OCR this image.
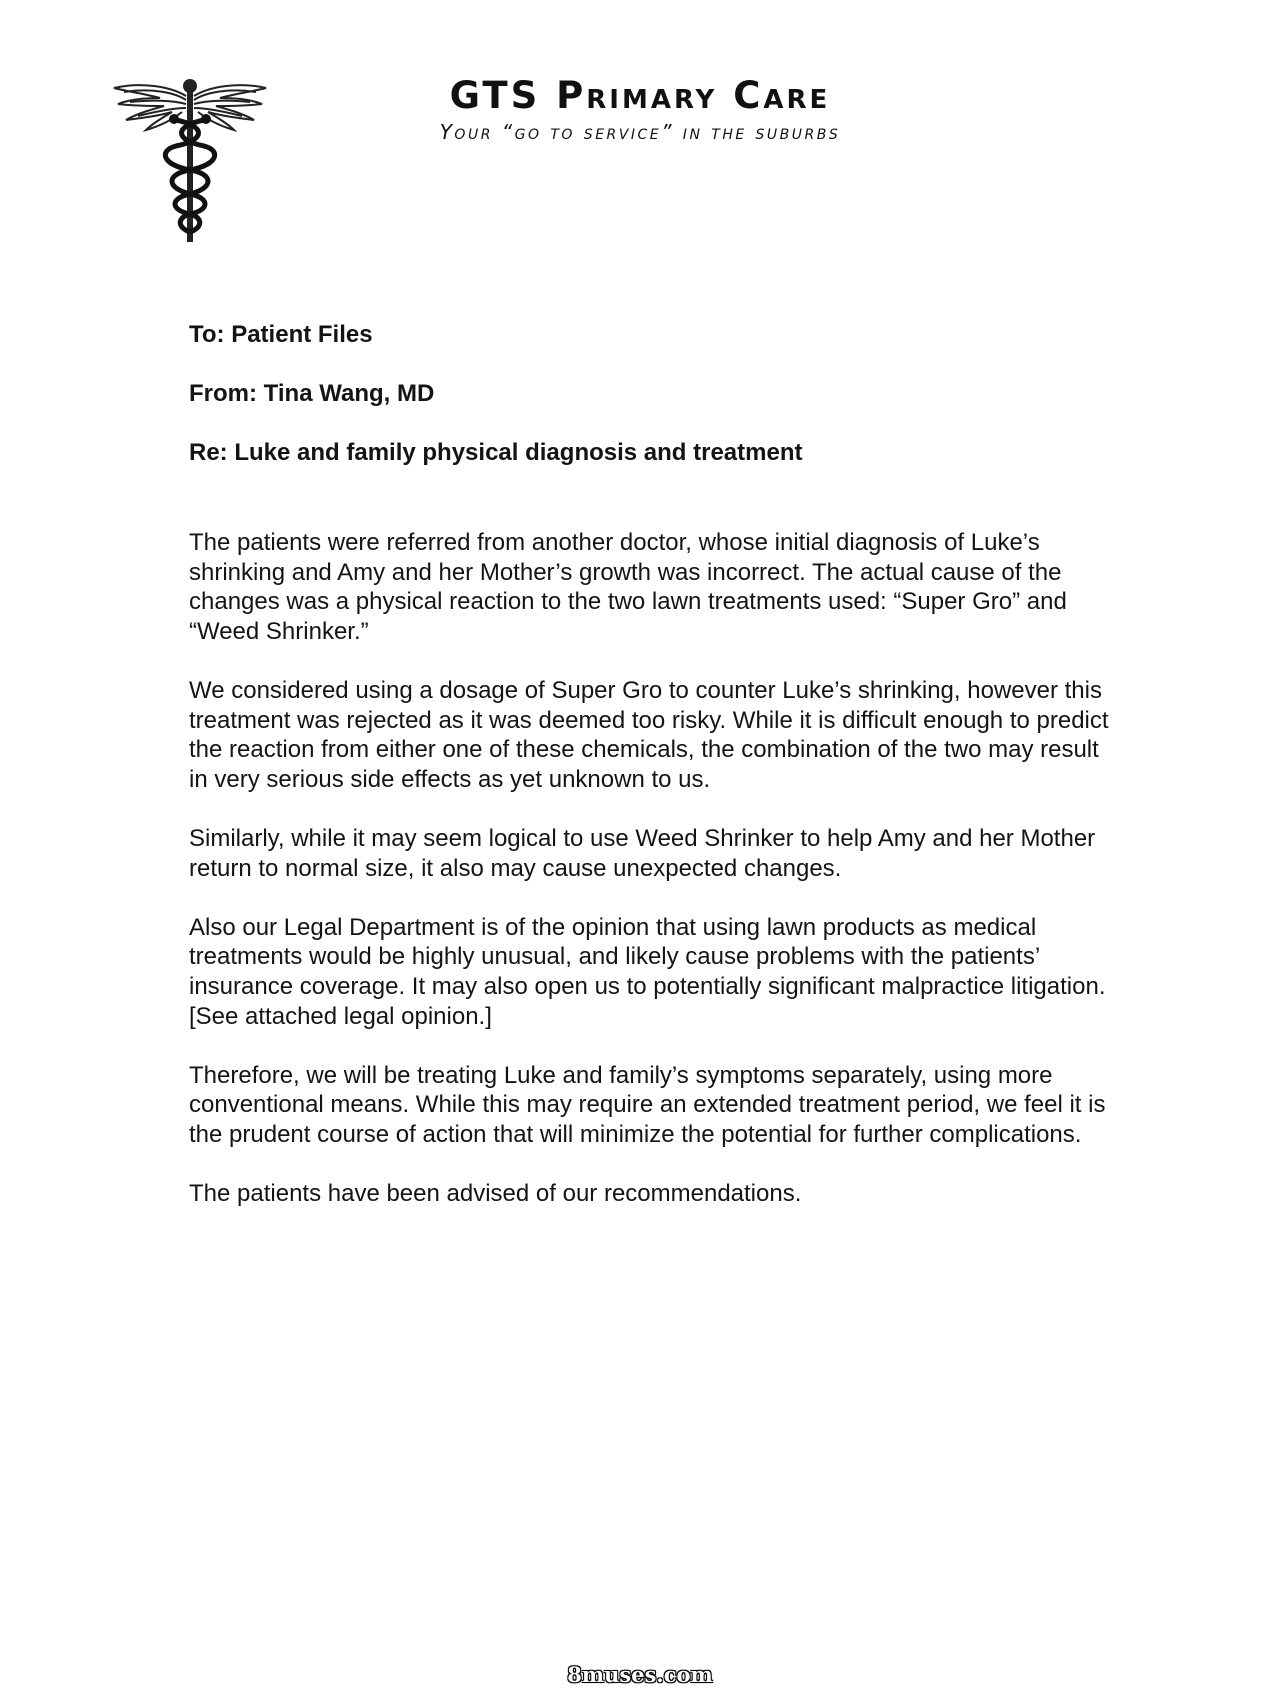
GTS Primary Care
Your “go to service” in the suburbs
To: Patient Files
From: Tina Wang, MD
Re: Luke and family physical diagnosis and treatment

The patients were referred from another doctor, whose initial diagnosis of Luke’s shrinking and Amy and her Mother’s growth was incorrect. The actual cause of the changes was a physical reaction to the two lawn treatments used: “Super Gro” and “Weed Shrinker.”

We considered using a dosage of Super Gro to counter Luke’s shrinking, however this treatment was rejected as it was deemed too risky. While it is difficult enough to predict the reaction from either one of these chemicals, the combination of the two may result in very serious side effects as yet unknown to us.

Similarly, while it may seem logical to use Weed Shrinker to help Amy and her Mother return to normal size, it also may cause unexpected changes.

Also our Legal Department is of the opinion that using lawn products as medical treatments would be highly unusual, and likely cause problems with the patients’ insurance coverage. It may also open us to potentially significant malpractice litigation. [See attached legal opinion.]

Therefore, we will be treating Luke and family’s symptoms separately, using more conventional means. While this may require an extended treatment period, we feel it is the prudent course of action that will minimize the potential for further complications.

The patients have been advised of our recommendations.

8muses.com
